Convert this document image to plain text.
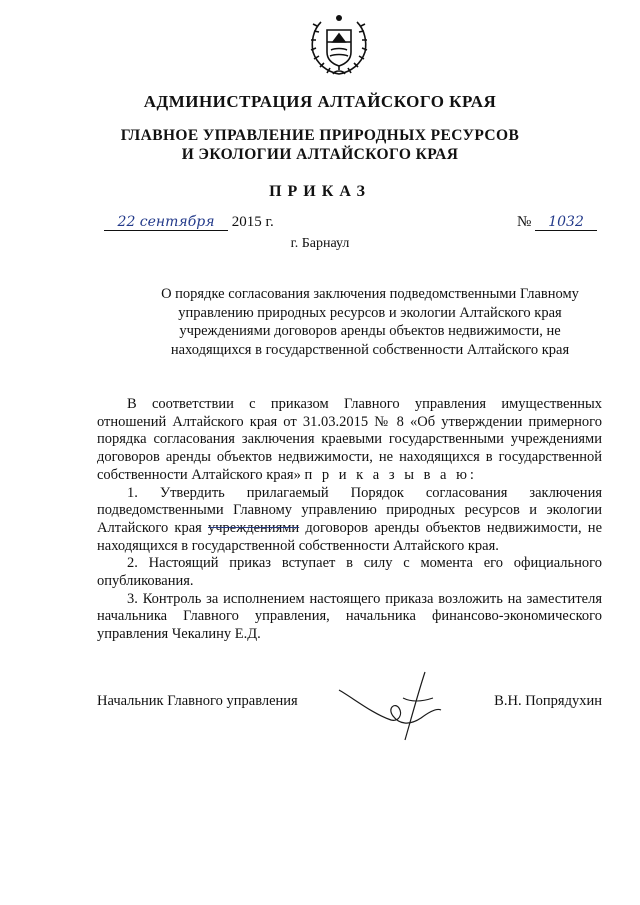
АДМИНИСТРАЦИЯ АЛТАЙСКОГО КРАЯ
ГЛАВНОЕ УПРАВЛЕНИЕ ПРИРОДНЫХ РЕСУРСОВ
И ЭКОЛОГИИ АЛТАЙСКОГО КРАЯ
ПРИКАЗ
22 сентября 2015 г.	№ 1032
г. Барнаул
О порядке согласования заключения подведомственными Главному управлению природных ресурсов и экологии Алтайского края учреждениями договоров аренды объектов недвижимости, не находящихся в государственной собственности Алтайского края

В соответствии с приказом Главного управления имущественных отношений Алтайского края от 31.03.2015 № 8 «Об утверждении примерного порядка согласования заключения краевыми государственными учреждениями договоров аренды объектов недвижимости, не находящихся в государственной собственности Алтайского края» п р и к а з ы в а ю:

1. Утвердить прилагаемый Порядок согласования заключения подведомственными Главному управлению природных ресурсов и экологии Алтайского края учреждениями договоров аренды объектов недвижимости, не находящихся в государственной собственности Алтайского края.

2. Настоящий приказ вступает в силу с момента его официального опубликования.

3. Контроль за исполнением настоящего приказа возложить на заместителя начальника Главного управления, начальника финансово-экономического управления Чекалину Е.Д.

Начальник Главного управления	В.Н. Попрядухин
